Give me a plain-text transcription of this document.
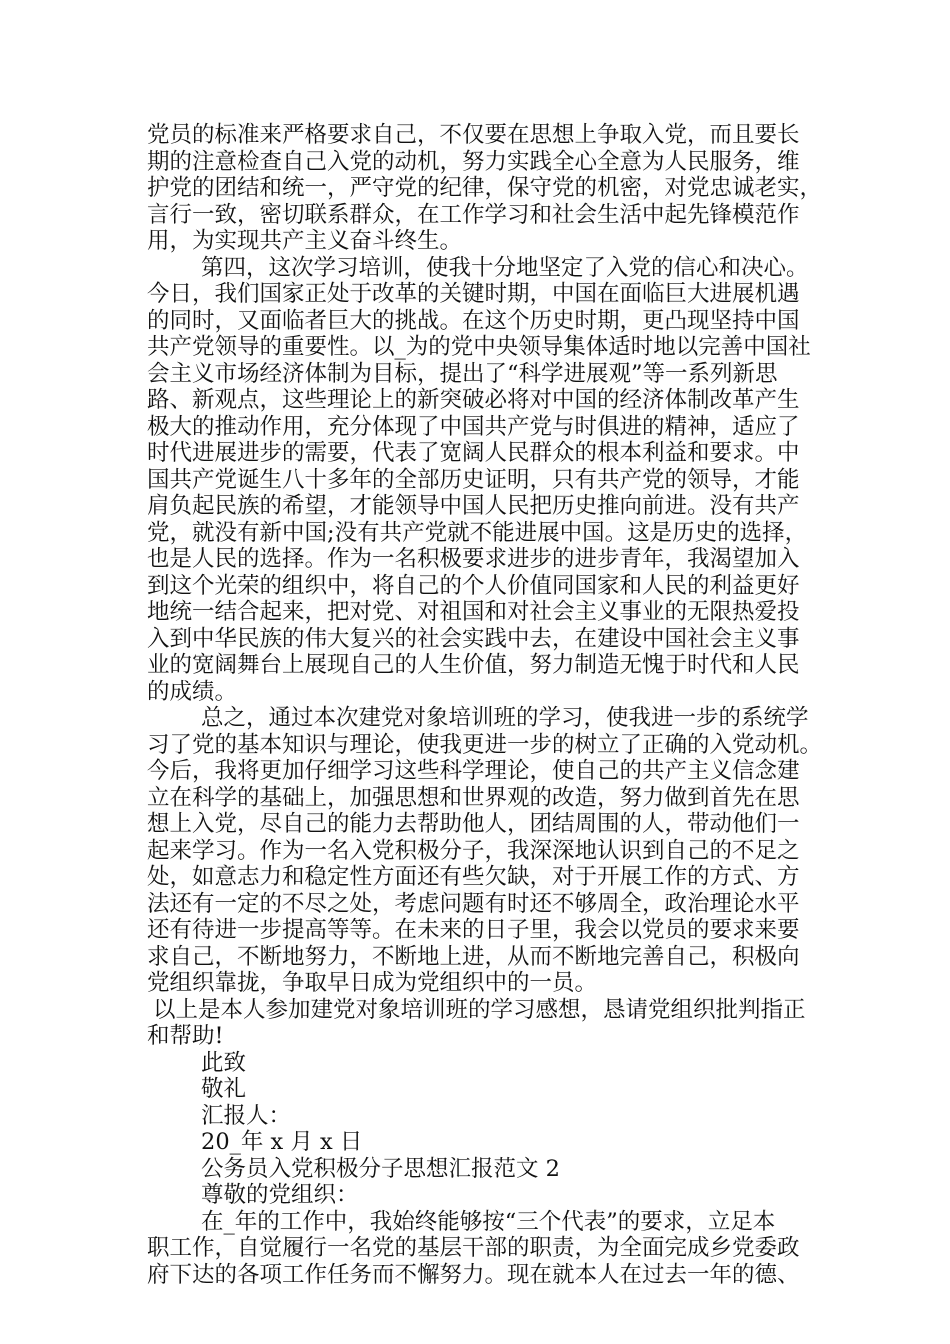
党员的标准来严格要求自己，不仅要在思想上争取入党，而且要长
期的注意检查自己入党的动机，努力实践全心全意为人民服务，维
护党的团结和统一，严守党的纪律，保守党的机密，对党忠诚老实，
言行一致，密切联系群众，在工作学习和社会生活中起先锋模范作
用，为实现共产主义奋斗终生。
第四，这次学习培训，使我十分地坚定了入党的信心和决心。
今日，我们国家正处于改革的关键时期，中国在面临巨大进展机遇
的同时，又面临者巨大的挑战。在这个历史时期，更凸现坚持中国
共产党领导的重要性。以_为的党中央领导集体适时地以完善中国社
会主义市场经济体制为目标，提出了“科学进展观”等一系列新思
路、新观点，这些理论上的新突破必将对中国的经济体制改革产生
极大的推动作用，充分体现了中国共产党与时俱进的精神，适应了
时代进展进步的需要，代表了宽阔人民群众的根本利益和要求。中
国共产党诞生八十多年的全部历史证明，只有共产党的领导，才能
肩负起民族的希望，才能领导中国人民把历史推向前进。没有共产
党，就没有新中国;没有共产党就不能进展中国。这是历史的选择，
也是人民的选择。作为一名积极要求进步的进步青年，我渴望加入
到这个光荣的组织中，将自己的个人价值同国家和人民的利益更好
地统一结合起来，把对党、对祖国和对社会主义事业的无限热爱投
入到中华民族的伟大复兴的社会实践中去，在建设中国社会主义事
业的宽阔舞台上展现自己的人生价值，努力制造无愧于时代和人民
的成绩。
总之，通过本次建党对象培训班的学习，使我进一步的系统学
习了党的基本知识与理论，使我更进一步的树立了正确的入党动机。
今后，我将更加仔细学习这些科学理论，使自己的共产主义信念建
立在科学的基础上，加强思想和世界观的改造，努力做到首先在思
想上入党，尽自己的能力去帮助他人，团结周围的人，带动他们一
起来学习。作为一名入党积极分子，我深深地认识到自己的不足之
处，如意志力和稳定性方面还有些欠缺，对于开展工作的方式、方
法还有一定的不尽之处，考虑问题有时还不够周全，政治理论水平
还有待进一步提高等等。在未来的日子里，我会以党员的要求来要
求自己，不断地努力，不断地上进，从而不断地完善自己，积极向
党组织靠拢，争取早日成为党组织中的一员。
以上是本人参加建党对象培训班的学习感想，恳请党组织批判指正
和帮助!
此致
敬礼
汇报人：
20_年 x 月 x 日
公务员入党积极分子思想汇报范文 2
尊敬的党组织：
在_年的工作中，我始终能够按“三个代表”的要求，立足本
职工作，自觉履行一名党的基层干部的职责，为全面完成乡党委政
府下达的各项工作任务而不懈努力。现在就本人在过去一年的德、
